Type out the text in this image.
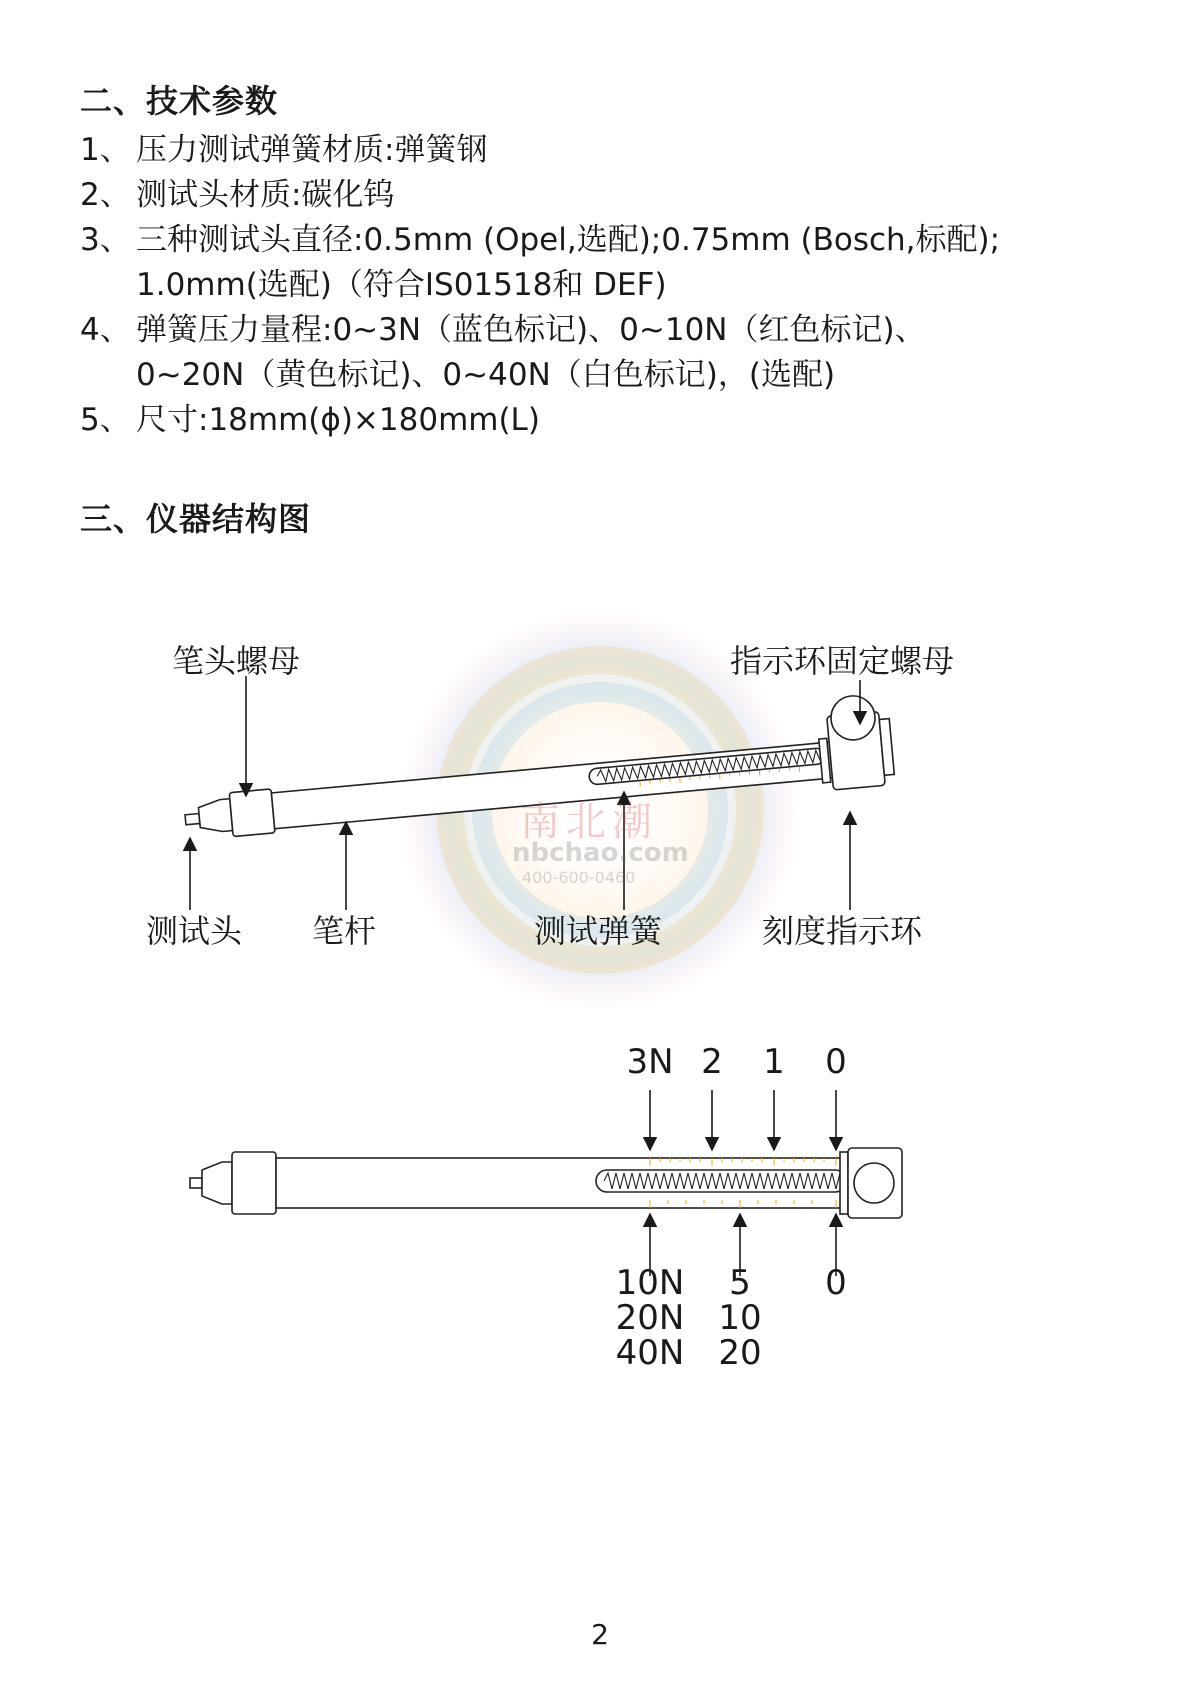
二、技术参数
1、 压力测试弹簧材质:弹簧钢
2、 测试头材质:碳化钨
3、 三种测试头直径:0.5mm (Opel,选配);0.75mm (Bosch,标配);
1.0mm(选配)（符合IS01518和 DEF)
4、 弹簧压力量程:0~3N（蓝色标记)、0~10N（红色标记)、
0~20N（黄色标记)、0~40N（白色标记)，(选配)
5、 尺寸:18mm(ϕ)×180mm(L)
三、仪器结构图
南北潮
nbchao.com
400-600-0460
笔头螺母	指示环固定螺母
测试头 笔杆	测试弹簧	刻度指示环
3N 2 1 0
10N
20N
40N
5
10
20
0
2
